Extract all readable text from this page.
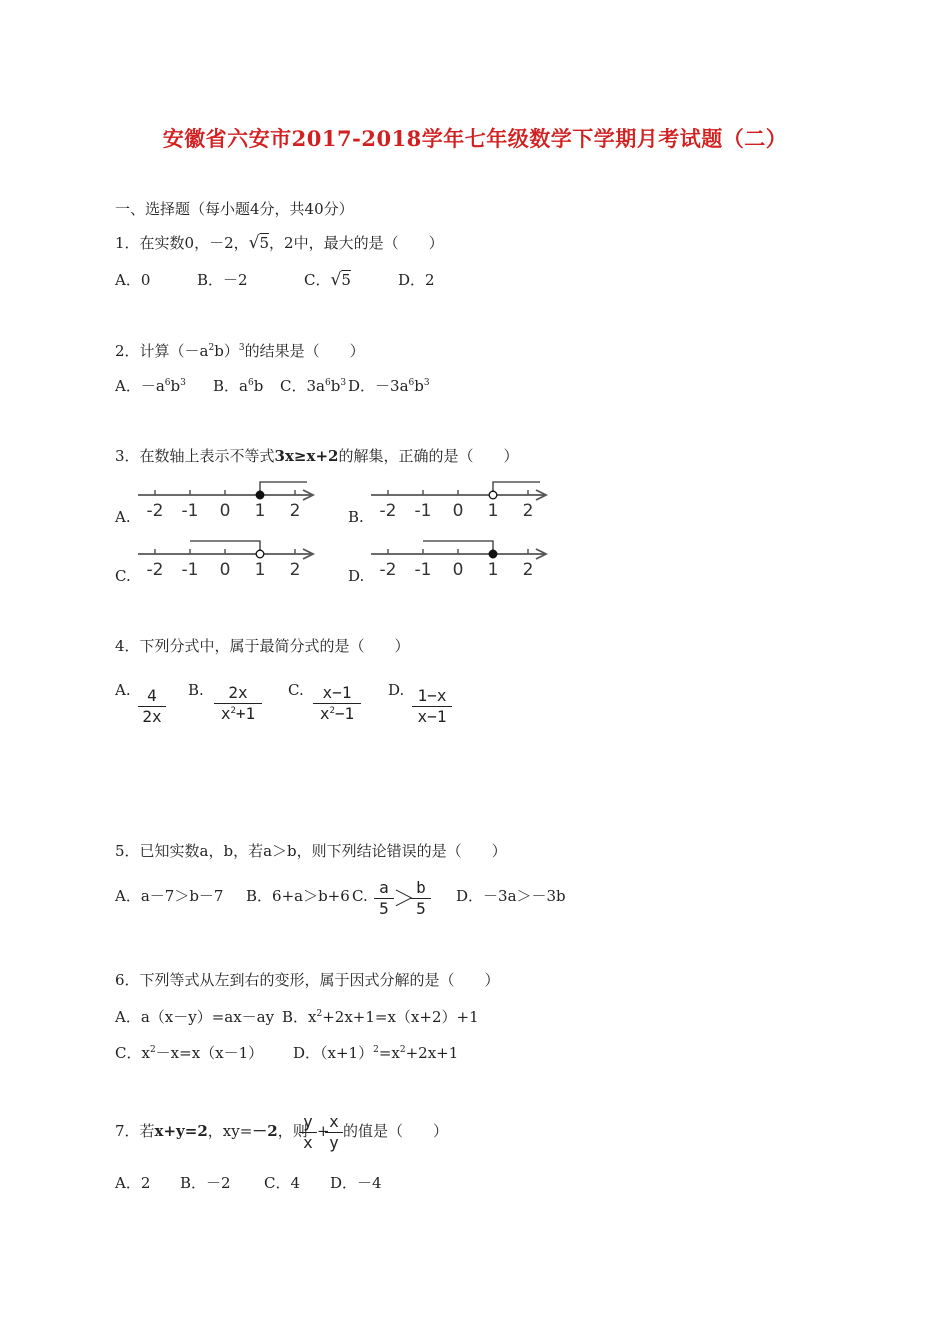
安徽省六安市2017-2018学年七年级数学下学期月考试题（二）
一、选择题（每小题4分，共40分）
1．在实数0，－2，√5，2中，最大的是（　　）
A．0	B．－2	C．√5	D．2
2．计算$(-a^2b)^3$的结果是（　　）
A．$-a^6b^3$ B．$a^6b$ C．$3a^6b^3$ D．$-3a^6b^3$
3．在数轴上表示不等式3x≥x+2的解集，正确的是（　　）
A.	B.
C.	D.
-2 -1 0 1 2	-2 -1 0 1 2
-2 -1 0 1 2	-2 -1 0 1 2
4．下列分式中，属于最简分式的是（　　）
A.	4
2x
B.	2x
$x^2+1$
C.	x−1
$x^2-1$
D. 1−x
x−1
5．已知实数a，b，若a＞b，则下列结论错误的是（　　）
A．a－7＞b－7 B．6+a＞b+6 C. a
5 ＞ b
5
D．－3a＞－3b
6．下列等式从左到右的变形，属于因式分解的是（　　）
A．a（x－y）=ax－ay B．$x^2+2x+1=x(x+2)+1$
C．$x^2-x=x(x-1)$ D．$(x+1)^2=x^2+2x+1$
7．若x+y=2，xy=－2，则
y
x
+ x
y
的值是（　　）
A．2 B．－2 C．4 D．－4
